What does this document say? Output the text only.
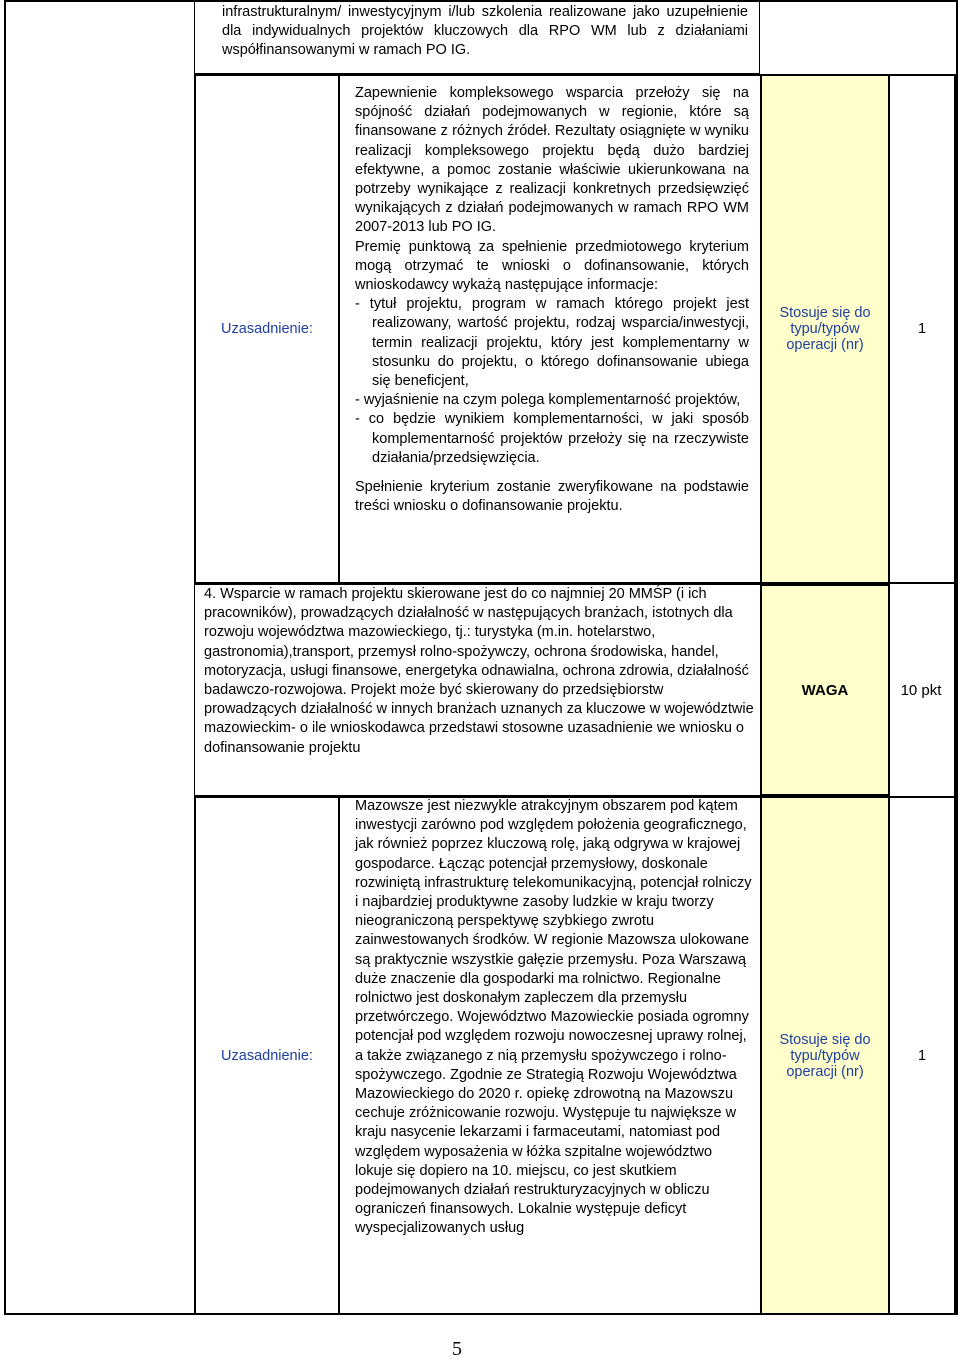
infrastrukturalnym/ inwestycyjnym i/lub szkolenia realizowane jako uzupełnienie dla indywidualnych projektów kluczowych dla RPO WM lub z działaniami współfinansowanymi w ramach PO IG.
Uzasadnienie:

Zapewnienie kompleksowego wsparcia przełoży się na spójność działań podejmowanych w regionie, które są finansowane z różnych źródeł. Rezultaty osiągnięte w wyniku realizacji kompleksowego projektu będą dużo bardziej efektywne, a pomoc zostanie właściwie ukierunkowana na potrzeby wynikające z realizacji konkretnych przedsięwzięć wynikających z działań podejmowanych w ramach RPO WM 2007-2013 lub PO IG.

Premię punktową za spełnienie przedmiotowego kryterium mogą otrzymać te wnioski o dofinansowanie, których wnioskodawcy wykażą następujące informacje:

- tytuł projektu, program w ramach którego projekt jest realizowany, wartość projektu, rodzaj wsparcia/inwestycji, termin realizacji projektu, który jest komplementarny w stosunku do projektu, o którego dofinansowanie ubiega się beneficjent,

- wyjaśnienie na czym polega komplementarność projektów,

- co będzie wynikiem komplementarności, w jaki sposób komplementarność projektów przełoży się na rzeczywiste działania/przedsięwzięcia.

Spełnienie kryterium zostanie zweryfikowane na podstawie treści wniosku o dofinansowanie projektu.

Stosuje się do typu/typów operacji (nr)
1
4. Wsparcie w ramach projektu skierowane jest do co najmniej 20 MMŚP (i ich pracowników), prowadzących działalność w następujących branżach, istotnych dla rozwoju województwa mazowieckiego, tj.: turystyka (m.in. hotelarstwo, gastronomia),transport, przemysł rolno-spożywczy, ochrona środowiska, handel, motoryzacja, usługi finansowe, energetyka odnawialna, ochrona zdrowia, działalność badawczo-rozwojowa. Projekt może być skierowany do przedsiębiorstw prowadzących działalność w innych branżach uznanych za kluczowe w województwie mazowieckim- o ile wnioskodawca przedstawi stosowne uzasadnienie we wniosku o dofinansowanie projektu
WAGA	10 pkt
Uzasadnienie:
Mazowsze jest niezwykle atrakcyjnym obszarem pod kątem inwestycji zarówno pod względem położenia geograficznego, jak również poprzez kluczową rolę, jaką odgrywa w krajowej gospodarce. Łącząc potencjał przemysłowy, doskonale rozwiniętą infrastrukturę telekomunikacyjną, potencjał rolniczy i najbardziej produktywne zasoby ludzkie w kraju tworzy nieograniczoną perspektywę szybkiego zwrotu zainwestowanych środków. W regionie Mazowsza ulokowane są praktycznie wszystkie gałęzie przemysłu. Poza Warszawą duże znaczenie dla gospodarki ma rolnictwo. Regionalne rolnictwo jest doskonałym zapleczem dla przemysłu przetwórczego. Województwo Mazowieckie posiada ogromny potencjał pod względem rozwoju nowoczesnej uprawy rolnej, a także związanego z nią przemysłu spożywczego i rolno-spożywczego. Zgodnie ze Strategią Rozwoju Województwa Mazowieckiego do 2020 r. opiekę zdrowotną na Mazowszu cechuje zróżnicowanie rozwoju. Występuje tu największe w kraju nasycenie lekarzami i farmaceutami, natomiast pod względem wyposażenia w łóżka szpitalne województwo lokuje się dopiero na 10. miejscu, co jest skutkiem podejmowanych działań restrukturyzacyjnych w obliczu ograniczeń finansowych. Lokalnie występuje deficyt wyspecjalizowanych usług
Stosuje się do typu/typów operacji (nr)
1
5
